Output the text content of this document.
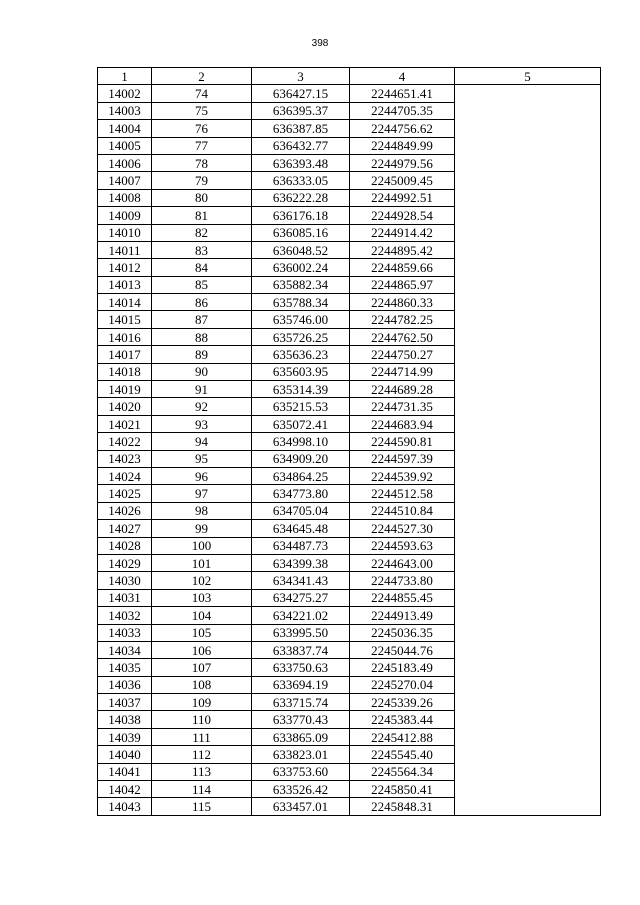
398
1	2	3	4	5
14002	74	636427.15	2244651.41	
14003	75	636395.37	2244705.35	
14004	76	636387.85	2244756.62	
14005	77	636432.77	2244849.99	
14006	78	636393.48	2244979.56	
14007	79	636333.05	2245009.45	
14008	80	636222.28	2244992.51	
14009	81	636176.18	2244928.54	
14010	82	636085.16	2244914.42	
14011	83	636048.52	2244895.42	
14012	84	636002.24	2244859.66	
14013	85	635882.34	2244865.97	
14014	86	635788.34	2244860.33	
14015	87	635746.00	2244782.25	
14016	88	635726.25	2244762.50	
14017	89	635636.23	2244750.27	
14018	90	635603.95	2244714.99	
14019	91	635314.39	2244689.28	
14020	92	635215.53	2244731.35	
14021	93	635072.41	2244683.94	
14022	94	634998.10	2244590.81	
14023	95	634909.20	2244597.39	
14024	96	634864.25	2244539.92	
14025	97	634773.80	2244512.58	
14026	98	634705.04	2244510.84	
14027	99	634645.48	2244527.30	
14028	100	634487.73	2244593.63	
14029	101	634399.38	2244643.00	
14030	102	634341.43	2244733.80	
14031	103	634275.27	2244855.45	
14032	104	634221.02	2244913.49	
14033	105	633995.50	2245036.35	
14034	106	633837.74	2245044.76	
14035	107	633750.63	2245183.49	
14036	108	633694.19	2245270.04	
14037	109	633715.74	2245339.26	
14038	110	633770.43	2245383.44	
14039	111	633865.09	2245412.88	
14040	112	633823.01	2245545.40	
14041	113	633753.60	2245564.34	
14042	114	633526.42	2245850.41	
14043	115	633457.01	2245848.31	
